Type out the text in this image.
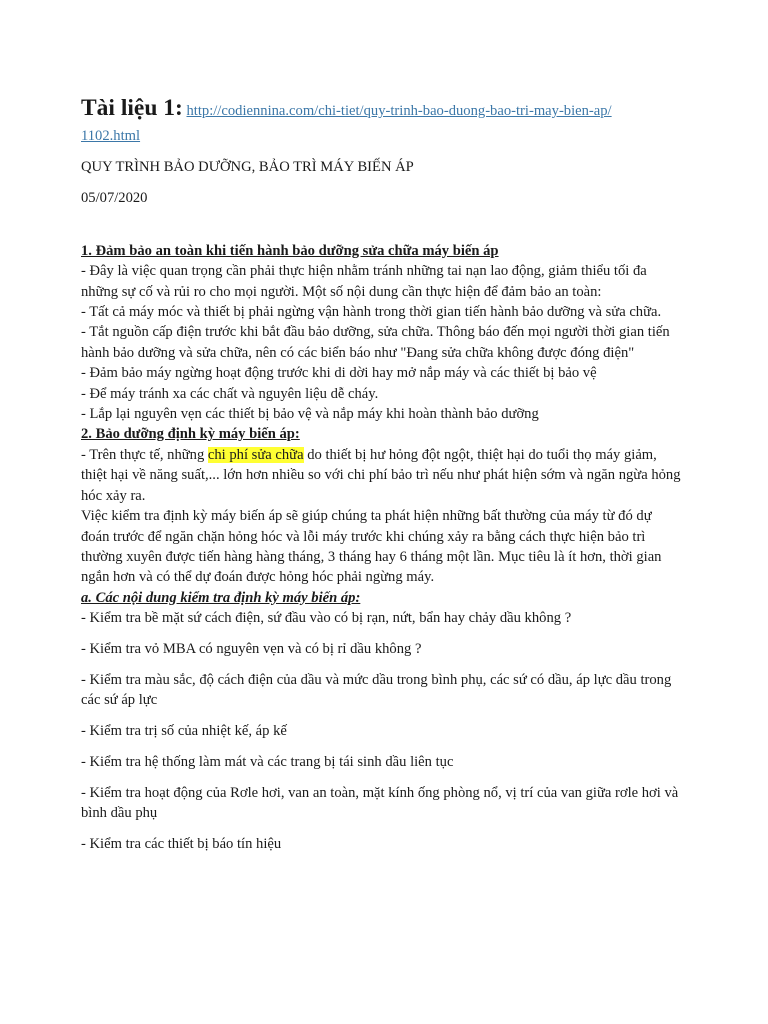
Tài liệu 1: http://codiennina.com/chi-tiet/quy-trinh-bao-duong-bao-tri-may-bien-ap/

1102.html

QUY TRÌNH BẢO DƯỠNG, BẢO TRÌ MÁY BIẾN ÁP

05/07/2020

1. Đảm bảo an toàn khi tiến hành bảo dưỡng sửa chữa máy biến áp

- Đây là việc quan trọng cần phải thực hiện nhằm tránh những tai nạn lao động, giảm thiểu tối đa những sự cố và rủi ro cho mọi người. Một số nội dung cần thực hiện để đảm bảo an toàn:

- Tất cả máy móc và thiết bị phải ngừng vận hành trong thời gian tiến hành bảo dưỡng và sửa chữa.

- Tắt nguồn cấp điện trước khi bắt đầu bảo dưỡng, sửa chữa. Thông báo đến mọi người thời gian tiến hành bảo dưỡng và sửa chữa, nên có các biển báo như "Đang sửa chữa không được đóng điện"

- Đảm bảo máy ngừng hoạt động trước khi di dời hay mở nắp máy và các thiết bị bảo vệ

- Để máy tránh xa các chất và nguyên liệu dễ cháy.

- Lắp lại nguyên vẹn các thiết bị bảo vệ và nắp máy khi hoàn thành bảo dưỡng

2. Bảo dưỡng định kỳ máy biến áp:

- Trên thực tế, những chi phí sửa chữa do thiết bị hư hỏng đột ngột, thiệt hại do tuổi thọ máy giảm, thiệt hại về năng suất,... lớn hơn nhiều so với chi phí bảo trì nếu như phát hiện sớm và ngăn ngừa hỏng hóc xảy ra.

Việc kiểm tra định kỳ máy biến áp sẽ giúp chúng ta phát hiện những bất thường của máy từ đó dự đoán trước để ngăn chặn hỏng hóc và lỗi máy trước khi chúng xảy ra bằng cách thực hiện bảo trì thường xuyên được tiến hàng hàng tháng, 3 tháng hay 6 tháng một lần. Mục tiêu là ít hơn, thời gian ngắn hơn và có thể dự đoán được hỏng hóc phải ngừng máy.

a. Các nội dung kiểm tra định kỳ máy biến áp:

- Kiểm tra bề mặt sứ cách điện, sứ đầu vào có bị rạn, nứt, bẩn hay chảy dầu không ?

- Kiểm tra vỏ MBA có nguyên vẹn và có bị rỉ dầu không ?

- Kiểm tra màu sắc, độ cách điện của dầu và mức dầu trong bình phụ, các sứ có dầu, áp lực dầu trong các sứ áp lực

- Kiểm tra trị số của nhiệt kế, áp kế

- Kiểm tra hệ thống làm mát và các trang bị tái sinh dầu liên tục

- Kiểm tra hoạt động của Rơle hơi, van an toàn, mặt kính ống phòng nổ, vị trí của van giữa rơle hơi và bình dầu phụ

- Kiểm tra các thiết bị báo tín hiệu
